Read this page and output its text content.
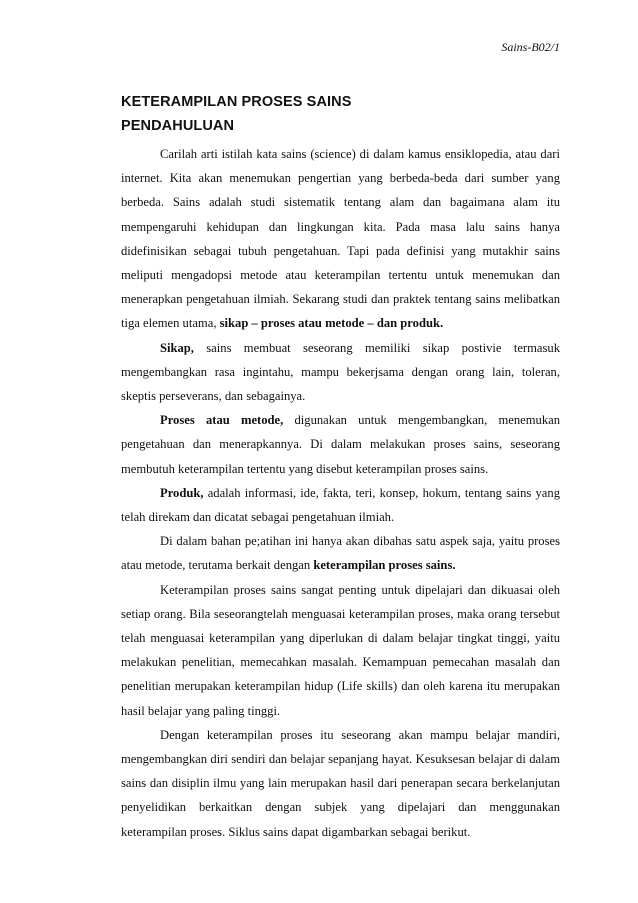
Sains-B02/1
KETERAMPILAN PROSES SAINS
PENDAHULUAN

Carilah arti istilah kata sains (science) di dalam kamus ensiklopedia, atau dari internet. Kita akan menemukan pengertian yang berbeda-beda dari sumber yang berbeda. Sains adalah studi sistematik tentang alam dan bagaimana alam itu mempengaruhi kehidupan dan lingkungan kita. Pada masa lalu sains hanya didefinisikan sebagai tubuh pengetahuan. Tapi pada definisi yang mutakhir sains meliputi mengadopsi metode atau keterampilan tertentu untuk menemukan dan menerapkan pengetahuan ilmiah. Sekarang studi dan praktek tentang sains melibatkan tiga elemen utama, sikap – proses atau metode – dan produk.

Sikap, sains membuat seseorang memiliki sikap postivie termasuk mengembangkan rasa ingintahu, mampu bekerjsama dengan orang lain, toleran, skeptis perseverans, dan sebagainya.

Proses atau metode, digunakan untuk mengembangkan, menemukan pengetahuan dan menerapkannya. Di dalam melakukan proses sains, seseorang membutuh keterampilan tertentu yang disebut keterampilan proses sains.

Produk, adalah informasi, ide, fakta, teri, konsep, hokum, tentang sains yang telah direkam dan dicatat sebagai pengetahuan ilmiah.

Di dalam bahan pe;atihan ini hanya akan dibahas satu aspek saja, yaitu proses atau metode, terutama berkait dengan keterampilan proses sains.

Keterampilan proses sains sangat penting untuk dipelajari dan dikuasai oleh setiap orang. Bila seseorangtelah menguasai keterampilan proses, maka orang tersebut telah menguasai keterampilan yang diperlukan di dalam belajar tingkat tinggi, yaitu melakukan penelitian, memecahkan masalah. Kemampuan pemecahan masalah dan penelitian merupakan keterampilan hidup (Life skills) dan oleh karena itu merupakan hasil belajar yang paling tinggi.

Dengan keterampilan proses itu seseorang akan mampu belajar mandiri, mengembangkan diri sendiri dan belajar sepanjang hayat. Kesuksesan belajar di dalam sains dan disiplin ilmu yang lain merupakan hasil dari penerapan secara berkelanjutan penyelidikan berkaitkan dengan subjek yang dipelajari dan menggunakan keterampilan proses. Siklus sains dapat digambarkan sebagai berikut.
